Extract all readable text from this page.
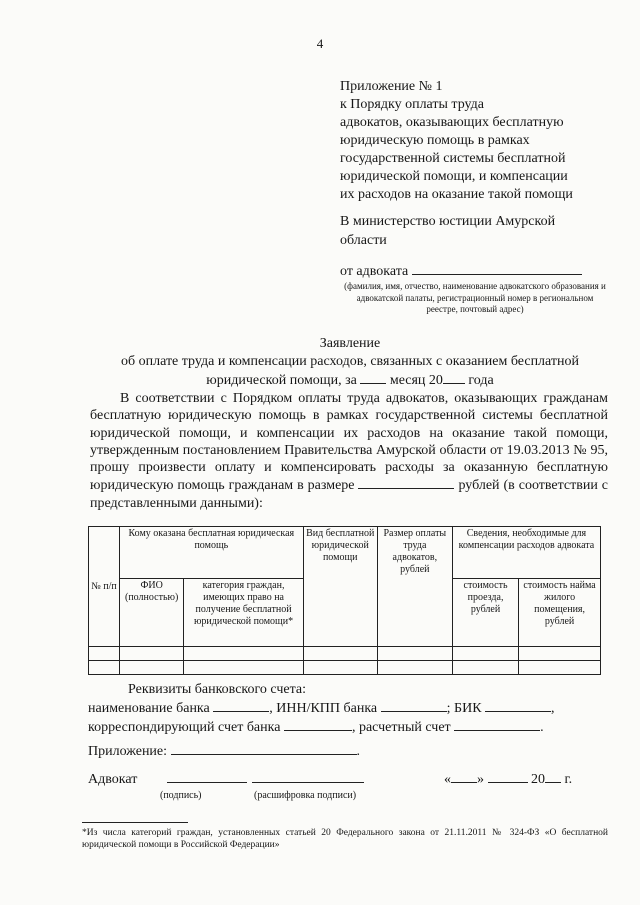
4
Приложение № 1
к Порядку оплаты труда
адвокатов, оказывающих бесплатную
юридическую помощь в рамках
государственной системы бесплатной
юридической помощи, и компенсации
их расходов на оказание такой помощи
В министерство юстиции Амурской
области
от адвоката
(фамилия, имя, отчество, наименование адвокатского образования и адвокатской палаты, регистрационный номер в региональном реестре, почтовый адрес)
Заявление
об оплате труда и компенсации расходов, связанных с оказанием бесплатной
юридической помощи, за месяц 20 года

В соответствии с Порядком оплаты труда адвокатов, оказывающих гражданам бесплатную юридическую помощь в рамках государственной системы бесплатной юридической помощи, и компенсации их расходов на оказание такой помощи, утвержденным постановлением Правительства Амурской области от 19.03.2013 № 95, прошу произвести оплату и компенсировать расходы за оказанную бесплатную юридическую помощь гражданам в размере	рублей (в соответствии с представленными данными):

№ п/п	Кому оказана бесплатная юридическая помощь		Вид бесплатной юридической помощи	Размер оплаты труда адвокатов, рублей	Сведения, необходимые для компенсации расходов адвоката	
	ФИО (полностью)	категория граждан, имеющих право на получение бесплатной юридической помощи*			стоимость проезда, рублей	стоимость найма жилого помещения, рублей

Реквизиты банковского счета:
наименование банка	, ИНН/КПП банка	; БИК	,
корреспондирующий счет банка	, расчетный счет	.
Приложение:	.
Адвокат	« »	20 г.
(подпись)	(расшифровка подписи)
*Из числа категорий граждан, установленных статьей 20 Федерального закона от 21.11.2011 № 324-ФЗ «О бесплатной юридической помощи в Российской Федерации»
